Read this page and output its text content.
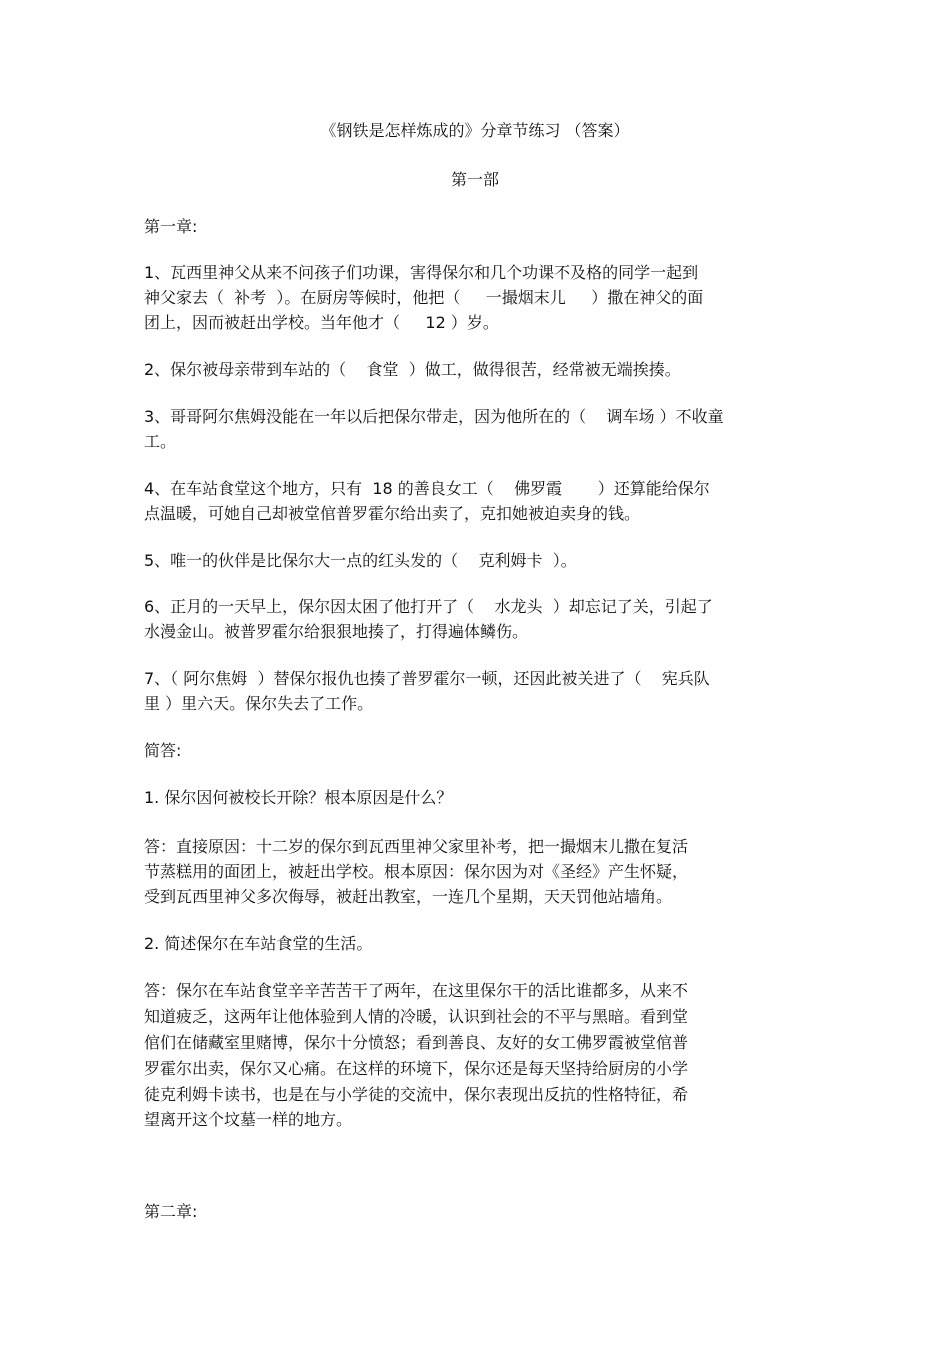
《钢铁是怎样炼成的》分章节练习 （答案）
第一部
第一章:
1、瓦西里神父从来不问孩子们功课，害得保尔和几个功课不及格的同学一起到
神父家去（  补考  ）。在厨房等候时，他把（     一撮烟末儿     ）撒在神父的面
团上，因而被赶出学校。当年他才（     12 ）岁。
2、保尔被母亲带到车站的（    食堂  ）做工，做得很苦，经常被无端挨揍。
3、哥哥阿尔焦姆没能在一年以后把保尔带走，因为他所在的（    调车场 ）不收童
工。
4、在车站食堂这个地方，只有  18 的善良女工（    佛罗霞       ）还算能给保尔
点温暖，可她自己却被堂倌普罗霍尔给出卖了，克扣她被迫卖身的钱。
5、唯一的伙伴是比保尔大一点的红头发的（    克利姆卡  ）。
6、正月的一天早上，保尔因太困了他打开了（    水龙头  ）却忘记了关，引起了
水漫金山。被普罗霍尔给狠狠地揍了，打得遍体鳞伤。
7、（ 阿尔焦姆  ）替保尔报仇也揍了普罗霍尔一顿，还因此被关进了（    宪兵队
里 ）里六天。保尔失去了工作。
简答:
1. 保尔因何被校长开除？根本原因是什么？
答：直接原因：十二岁的保尔到瓦西里神父家里补考，把一撮烟末儿撒在复活
节蒸糕用的面团上，被赶出学校。根本原因：保尔因为对《圣经》产生怀疑，
受到瓦西里神父多次侮辱，被赶出教室，一连几个星期，天天罚他站墙角。
2. 简述保尔在车站食堂的生活。
答：保尔在车站食堂辛辛苦苦干了两年，在这里保尔干的活比谁都多，从来不
知道疲乏，这两年让他体验到人情的冷暖，认识到社会的不平与黑暗。看到堂
倌们在储藏室里赌博，保尔十分愤怒；看到善良、友好的女工佛罗霞被堂倌普
罗霍尔出卖，保尔又心痛。在这样的环境下，保尔还是每天坚持给厨房的小学
徒克利姆卡读书，也是在与小学徒的交流中，保尔表现出反抗的性格特征，希
望离开这个坟墓一样的地方。
第二章:
